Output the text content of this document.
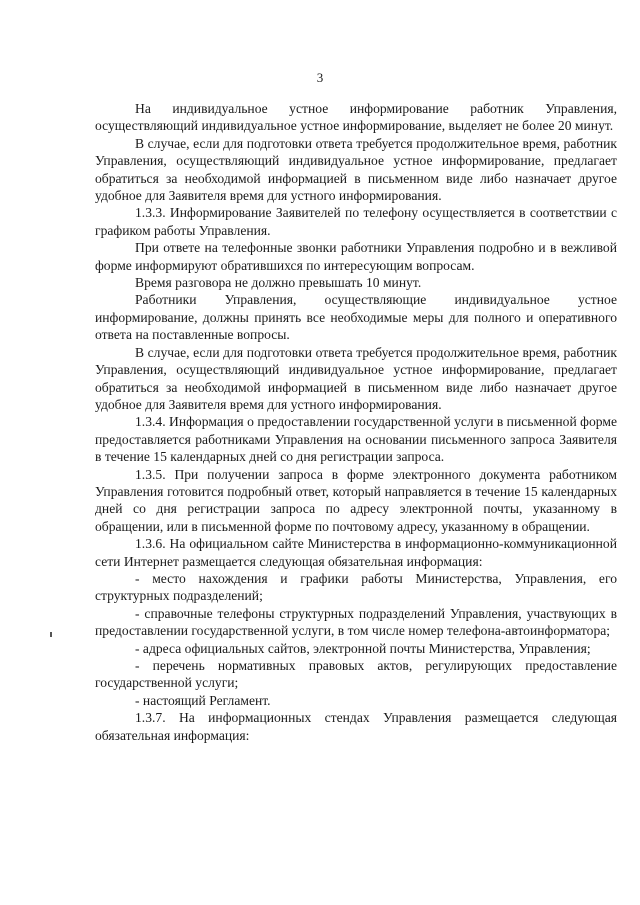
3

На индивидуальное устное информирование работник Управления, осуществляющий индивидуальное устное информирование, выделяет не более 20 минут.

В случае, если для подготовки ответа требуется продолжительное время, работник Управления, осуществляющий индивидуальное устное информирование, предлагает обратиться за необходимой информацией в письменном виде либо назначает другое удобное для Заявителя время для устного информирования.

1.3.3. Информирование Заявителей по телефону осуществляется в соответствии с графиком работы Управления.

При ответе на телефонные звонки работники Управления подробно и в вежливой форме информируют обратившихся по интересующим вопросам.

Время разговора не должно превышать 10 минут.

Работники Управления, осуществляющие индивидуальное устное информирование, должны принять все необходимые меры для полного и оперативного ответа на поставленные вопросы.

В случае, если для подготовки ответа требуется продолжительное время, работник Управления, осуществляющий индивидуальное устное информирование, предлагает обратиться за необходимой информацией в письменном виде либо назначает другое удобное для Заявителя время для устного информирования.

1.3.4. Информация о предоставлении государственной услуги в письменной форме предоставляется работниками Управления на основании письменного запроса Заявителя в течение 15 календарных дней со дня регистрации запроса.

1.3.5. При получении запроса в форме электронного документа работником Управления готовится подробный ответ, который направляется в течение 15 календарных дней со дня регистрации запроса по адресу электронной почты, указанному в обращении, или в письменной форме по почтовому адресу, указанному в обращении.

1.3.6. На официальном сайте Министерства в информационно-коммуникационной сети Интернет размещается следующая обязательная информация:

- место нахождения и графики работы Министерства, Управления, его структурных подразделений;

- справочные телефоны структурных подразделений Управления, участвующих в предоставлении государственной услуги, в том числе номер телефона-автоинформатора;

- адреса официальных сайтов, электронной почты Министерства, Управления;

- перечень нормативных правовых актов, регулирующих предоставление государственной услуги;

- настоящий Регламент.

1.3.7. На информационных стендах Управления размещается следующая обязательная информация:
